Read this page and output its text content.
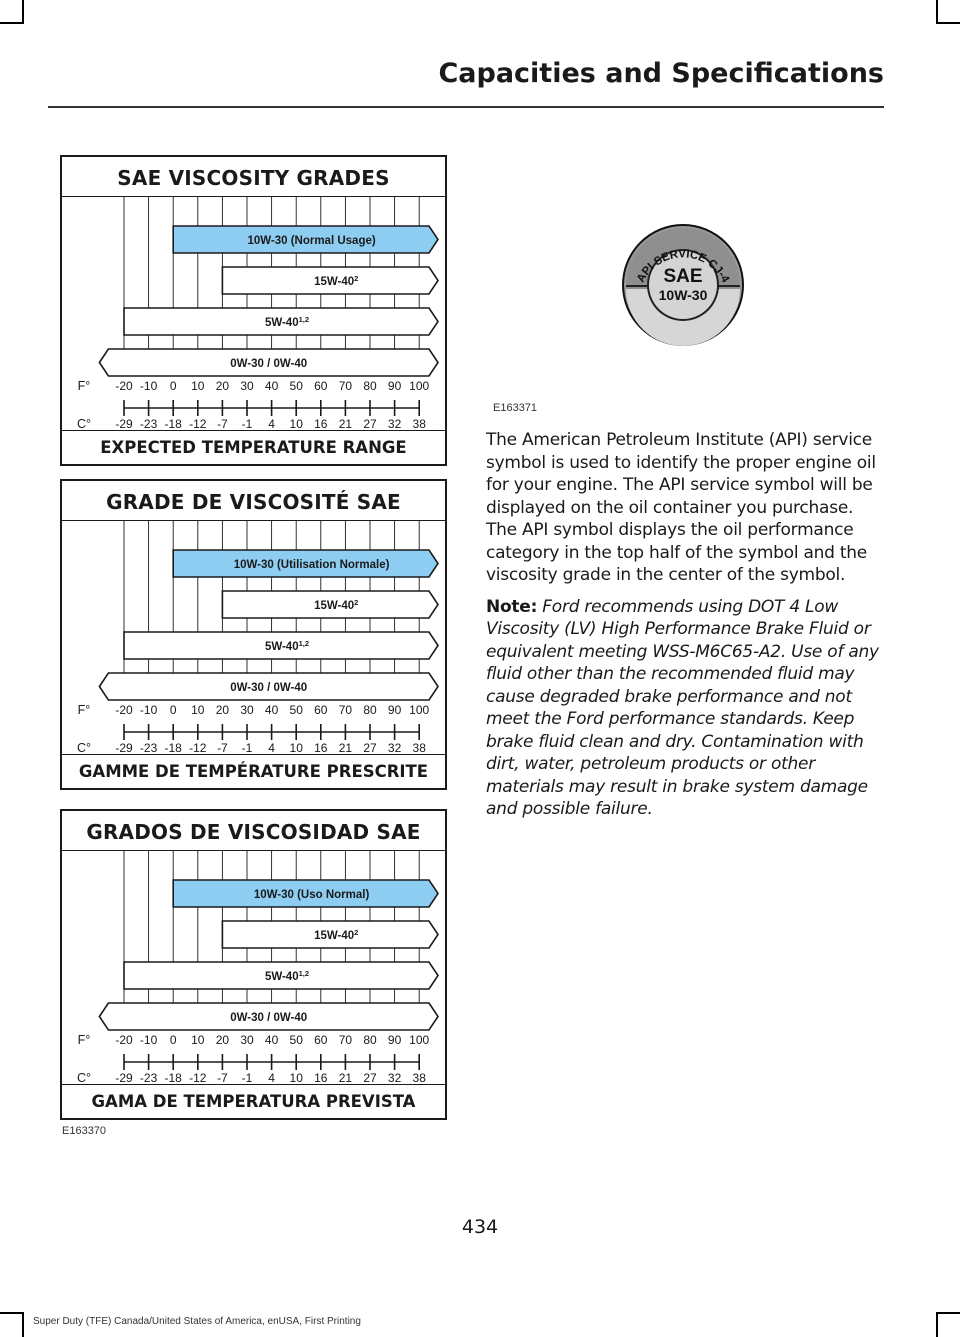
Capacities and Specifications
SAE VISCOSITY GRADES
10W-30 (Normal Usage)
$15W-40^2$
5W-40$^{1,2}$
0W-30 / 0W-40
F°
C°
-20 -10 0 10 20 30 40 50 60 70 80 90 100
-29 -23 -18 -12 -7 -1 4 10 16 21 27 32 38
EXPECTED TEMPERATURE RANGE
GRADE DE VISCOSITÉ SAE
10W-30 (Utilisation Normale)
$15W-40^2$
5W-40$^{1,2}$
0W-30 / 0W-40
F°
C°
-20 -10 0 10 20 30 40 50 60 70 80 90 100
-29 -23 -18 -12 -7 -1 4 10 16 21 27 32 38
GAMME DE TEMPÉRATURE PRESCRITE
GRADOS DE VISCOSIDAD SAE
10W-30 (Uso Normal)
$15W-40^2$
5W-40$^{1,2}$
0W-30 / 0W-40
F°
C°
-20 -10 0 10 20 30 40 50 60 70 80 90 100
-29 -23 -18 -12 -7 -1 4 10 16 21 27 32 38
GAMA DE TEMPERATURA PREVISTA
E163370
API SERVICE CJ-4
SAE
10W-30
E163371

The American Petroleum Institute (API) service symbol is used to identify the proper engine oil for your engine. The API service symbol will be displayed on the oil container you purchase. The API symbol displays the oil performance category in the top half of the symbol and the viscosity grade in the center of the symbol.

Note: Ford recommends using DOT 4 Low Viscosity (LV) High Performance Brake Fluid or equivalent meeting WSS-M6C65-A2. Use of any fluid other than the recommended fluid may cause degraded brake performance and not meet the Ford performance standards. Keep brake fluid clean and dry. Contamination with dirt, water, petroleum products or other materials may result in brake system damage and possible failure.

434
Super Duty (TFE) Canada/United States of America, enUSA, First Printing
